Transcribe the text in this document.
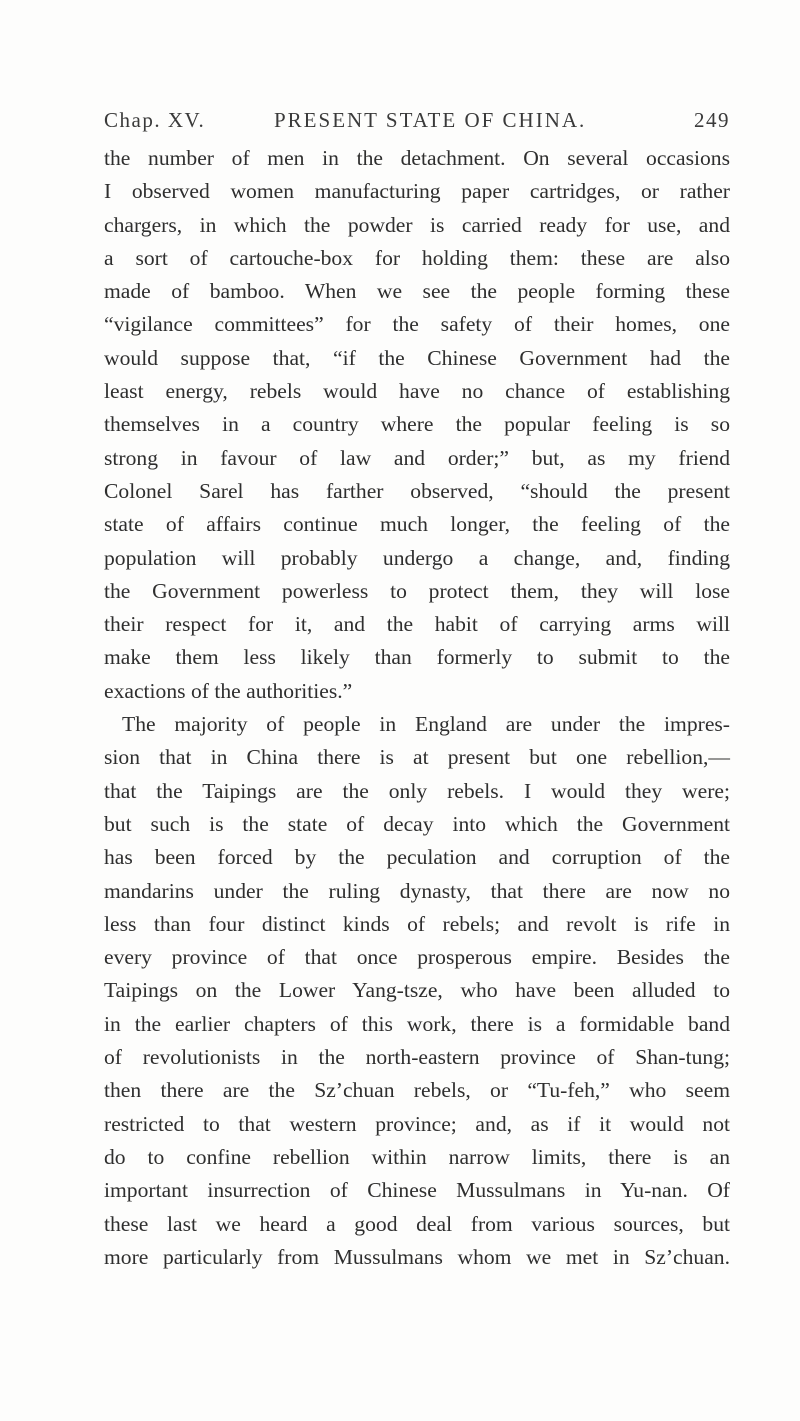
Chap. XV.	PRESENT STATE OF CHINA.	249
the number of men in the detachment. On several occasions
I observed women manufacturing paper cartridges, or rather
chargers, in which the powder is carried ready for use, and
a sort of cartouche-box for holding them: these are also
made of bamboo. When we see the people forming these
“vigilance committees” for the safety of their homes, one
would suppose that, “if the Chinese Government had the
least energy, rebels would have no chance of establishing
themselves in a country where the popular feeling is so
strong in favour of law and order;” but, as my friend
Colonel Sarel has farther observed, “should the present
state of affairs continue much longer, the feeling of the
population will probably undergo a change, and, finding
the Government powerless to protect them, they will lose
their respect for it, and the habit of carrying arms will
make them less likely than formerly to submit to the
exactions of the authorities.”
The majority of people in England are under the impres-
sion that in China there is at present but one rebellion,—
that the Taipings are the only rebels. I would they were;
but such is the state of decay into which the Government
has been forced by the peculation and corruption of the
mandarins under the ruling dynasty, that there are now no
less than four distinct kinds of rebels; and revolt is rife in
every province of that once prosperous empire. Besides the
Taipings on the Lower Yang-tsze, who have been alluded to
in the earlier chapters of this work, there is a formidable band
of revolutionists in the north-eastern province of Shan-tung;
then there are the Sz’chuan rebels, or “Tu-feh,” who seem
restricted to that western province; and, as if it would not
do to confine rebellion within narrow limits, there is an
important insurrection of Chinese Mussulmans in Yu-nan. Of
these last we heard a good deal from various sources, but
more particularly from Mussulmans whom we met in Sz’chuan.
